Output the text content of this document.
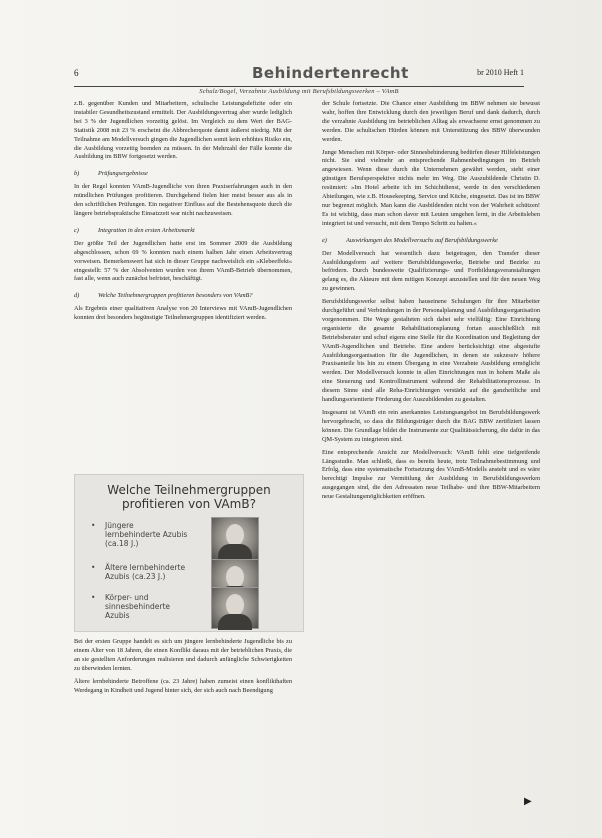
6	Behindertenrecht	br 2010 Heft 1
Schulz/Bogel, Verzahnte Ausbildung mit Berufsbildungswerken – VAmB

z.B. gegenüber Kunden und Mitarbeitern, schulische Leistungsdefizite oder ein instabiler Gesundheitszustand ermittelt. Der Ausbildungsvertrag aber wurde lediglich bei 3 % der Jugendlichen vorzeitig gelöst. Im Vergleich zu dem Wert der BAG-Statistik 2008 mit 23 % erscheint die Abbrecherquote damit äußerst niedrig. Mit der Teilnahme am Modellversuch gingen die Jugendlichen somit kein erhöhtes Risiko ein, die Ausbildung vorzeitig beenden zu müssen. In der Mehrzahl der Fälle konnte die Ausbildung im BBW fortgesetzt werden.

b)	Prüfungsergebnisse

In der Regel konnten VAmB-Jugendliche von ihren Praxiserfahrungen auch in den mündlichen Prüfungen profitieren. Durchgehend fielen hier meist besser aus als in den schriftlichen Prüfungen. Ein negativer Einfluss auf die Bestehensquote durch die längere betriebspraktische Einsatzzeit war nicht nachzuweisen.

c)	Integration in den ersten Arbeitsmarkt

Der größte Teil der Jugendlichen hatte erst im Sommer 2009 die Ausbildung abgeschlossen, schon 69 % konnten nach einem halben Jahr einen Arbeitsvertrag vorweisen. Bemerkenswert hat sich in dieser Gruppe nachweislich ein »Klebeeffekt« eingestellt: 57 % der Absolventen wurden von ihrem VAmB-Betrieb übernommen, fast alle, wenn auch zunächst befristet, beschäftigt.

d)	Welche Teilnehmergruppen profitieren besonders von VAmB?

Als Ergebnis einer qualitativen Analyse von 20 Interviews mit VAmB-Jugendlichen konnten drei besonders begünstigte Teilnehmergruppen identifiziert werden.

Welche Teilnehmergruppen
profitieren von VAmB?
• Jüngere lernbehinderte Azubis (ca.18 J.)
• Ältere lernbehinderte Azubis (ca.23 J.)
• Körper- und sinnesbehinderte Azubis

Bei der ersten Gruppe handelt es sich um jüngere lernbehinderte Jugendliche bis zu einem Alter von 18 Jahren, die einen Konflikt daraus mit der betrieblichen Praxis, die an sie gestellten Anforderungen realisieren und dadurch anfängliche Schwierigkeiten zu überwinden lernten.

Ältere lernbehinderte Betroffene (ca. 23 Jahre) haben zumeist einen konflikthaften Werdegang in Kindheit und Jugend hinter sich, der sich auch nach Beendigung

der Schule fortsetzte. Die Chance einer Ausbildung im BBW nehmen sie bewusst wahr, hoffen ihre Entwicklung durch den jeweiligen Beruf und dank dadurch, durch die verzahnte Ausbildung im betrieblichen Alltag als erwachsene ernst genommen zu werden. Die schulischen Hürden können mit Unterstützung des BBW überwunden werden.

Junge Menschen mit Körper- oder Sinnesbehinderung bedürfen dieser Hilfeleistungen nicht. Sie sind vielmehr an entsprechende Rahmenbedingungen im Betrieb angewiesen. Wenn diese durch die Unternehmen gewährt werden, steht einer günstigen Berufsperspektive nichts mehr im Weg. Die Auszubildende Christin D. resümiert: »Im Hotel arbeite ich im Schichtdienst, werde in den verschiedenen Abteilungen, wie z.B. Housekeeping, Service und Küche, eingesetzt. Das ist im BBW nur begrenzt möglich. Man kann die Ausbildenden nicht von der Wahrheit schützen! Es ist wichtig, dass man schon davor mit Leuten umgehen lernt, in die Arbeitsleben integriert ist und versucht, mit dem Tempo Schritt zu halten.«

e)	Auswirkungen des Modellversuchs auf Berufsbildungswerke

Der Modellversuch hat wesentlich dazu beigetragen, den Transfer dieser Ausbildungsform auf weitere Berufsbildungswerke, Betriebe und Bezirke zu befördern. Durch bundesweite Qualifizierungs- und Fortbildungsveranstaltungen gelang es, die Akteure mit dem mitigen Konzept anzustellen und für den neuen Weg zu gewinnen.

Berufsbildungswerke selbst haben hauseinene Schulungen für ihre Mitarbeiter durchgeführt und Verbündungen in der Personalplanung und Ausbildungsorganisation vorgenommen. Die Wege gestalteten sich dabei sehr vielfältig: Eine Einrichtung organisierte die gesamte Rehabilitationsplanung fortan ausschließlich mit Betriebsberater und schuf eigens eine Stelle für die Koordination und Begleitung der VAmB-Jugendlichen und Betriebe. Eine andere berücksichtigt eine abgestufte Ausbildungsorganisation für die Jugendlichen, in denen sie sukzessiv höhere Praxisanteile bis hin zu einem Übergang in eine Verzahnte Ausbildung ermöglicht werden. Der Modellversuch konnte in allen Einrichtungen nun in hohem Maße als eine Steuerung und Kontrollinstrument während der Rehabilitationsprozesse. In diesem Sinne sind alle Reha-Einrichtungen verstärkt auf die ganzheitliche und handlungsorientierte Förderung der Auszubildenden zu gestalten.

Insgesamt ist VAmB ein rein anerkanntes Leistungsangebot im Berufsbildungswerk hervorgebracht, so dass die Bildungsträger durch die BAG BBW zertifiziert lassen können. Die Grundlage bildet die Instrumente zur Qualitätssicherung, die dafür in das QM-System zu integrieren sind.

Eine entsprechende Ansicht zur Modellversuch: VAmB fehlt eine tiefgreifende Längsstudie. Man schließt, dass es bereits heute, trotz Teilnahmebestimmung und Erfolg, dass eine systematische Fortsetzung des VAmB-Modells ansteht und es wäre berechtigt Impulse zur Vermittlung der Ausbildung in Berufsbildungswerken ausgegangen sind, die den Adressaten neue Teilhabe- und ihre BBW-Mitarbeitern neue Gestaltungsmöglichkeiten eröffnen.

▶
